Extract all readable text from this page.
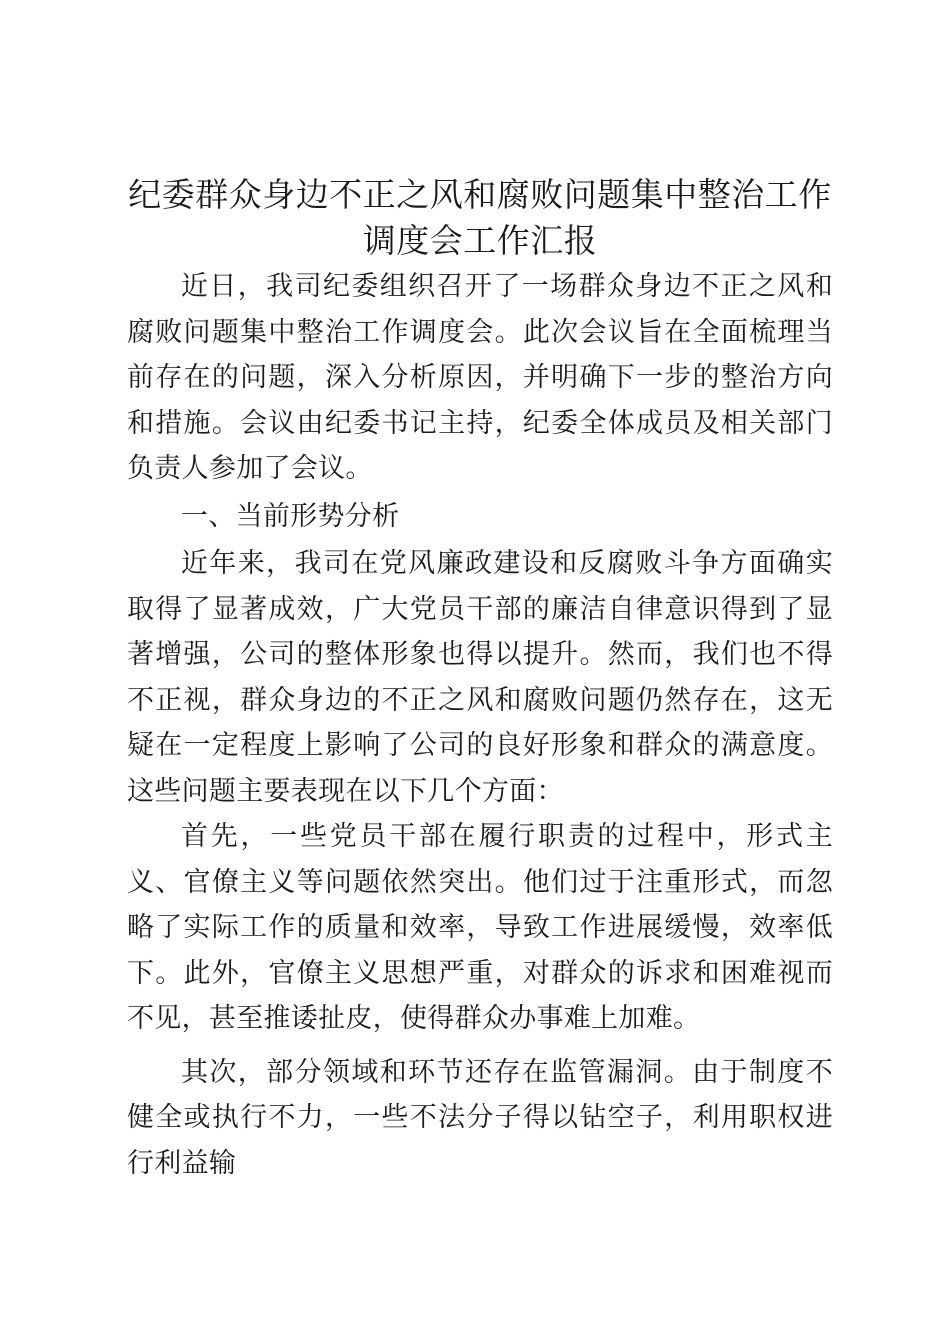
纪委群众身边不正之风和腐败问题集中整治工作调度会工作汇报

近日，我司纪委组织召开了一场群众身边不正之风和腐败问题集中整治工作调度会。此次会议旨在全面梳理当前存在的问题，深入分析原因，并明确下一步的整治方向和措施。会议由纪委书记主持，纪委全体成员及相关部门负责人参加了会议。

一、当前形势分析

近年来，我司在党风廉政建设和反腐败斗争方面确实取得了显著成效，广大党员干部的廉洁自律意识得到了显著增强，公司的整体形象也得以提升。然而，我们也不得不正视，群众身边的不正之风和腐败问题仍然存在，这无疑在一定程度上影响了公司的良好形象和群众的满意度。这些问题主要表现在以下几个方面：

首先，一些党员干部在履行职责的过程中，形式主义、官僚主义等问题依然突出。他们过于注重形式，而忽略了实际工作的质量和效率，导致工作进展缓慢，效率低下。此外，官僚主义思想严重，对群众的诉求和困难视而不见，甚至推诿扯皮，使得群众办事难上加难。

其次，部分领域和环节还存在监管漏洞。由于制度不健全或执行不力，一些不法分子得以钻空子，利用职权进行利益输
